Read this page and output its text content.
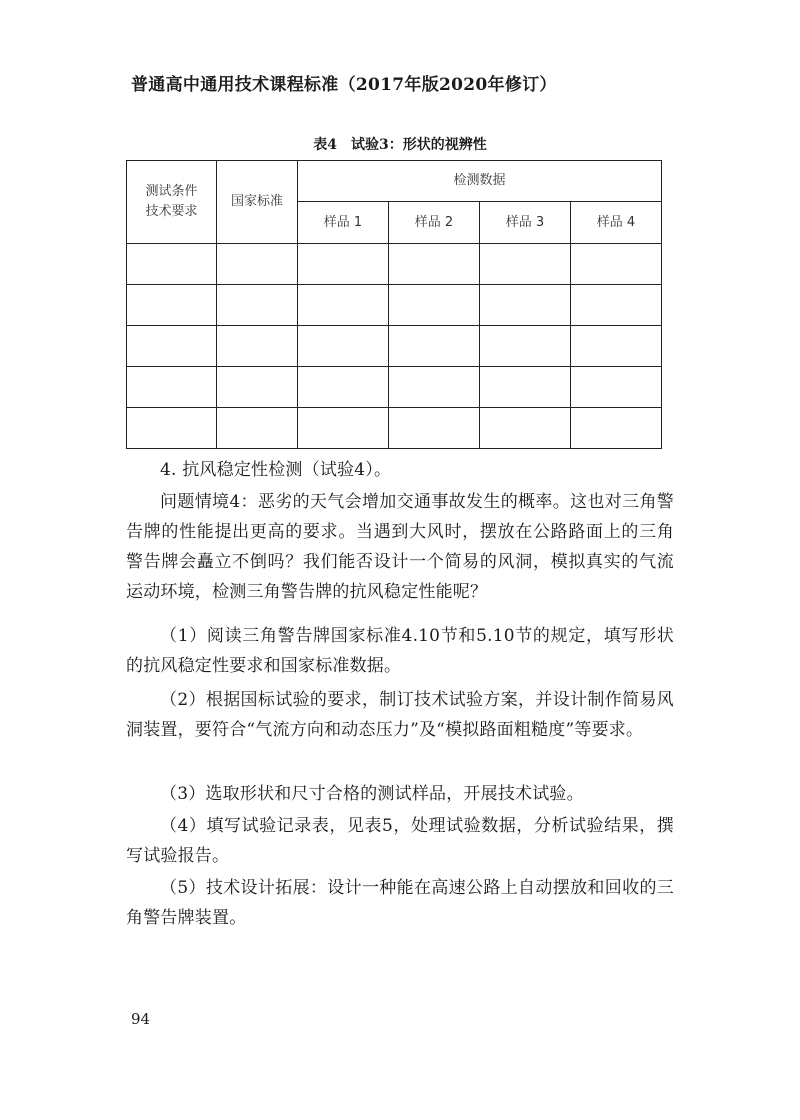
普通高中通用技术课程标准（2017年版2020年修订）
表4　试验3：形状的视辨性
测试条件
技术要求	国家标准	检测数据			
		样品 1	样品 2	样品 3	样品 4

4. 抗风稳定性检测（试验4）。

问题情境4：恶劣的天气会增加交通事故发生的概率。这也对三角警告牌的性能提出更高的要求。当遇到大风时，摆放在公路路面上的三角警告牌会矗立不倒吗？我们能否设计一个简易的风洞，模拟真实的气流运动环境，检测三角警告牌的抗风稳定性能呢？

（1）阅读三角警告牌国家标准4.10节和5.10节的规定，填写形状的抗风稳定性要求和国家标准数据。

（2）根据国标试验的要求，制订技术试验方案，并设计制作简易风洞装置，要符合“气流方向和动态压力”及“模拟路面粗糙度”等要求。

（3）选取形状和尺寸合格的测试样品，开展技术试验。

（4）填写试验记录表，见表5，处理试验数据，分析试验结果，撰写试验报告。

（5）技术设计拓展：设计一种能在高速公路上自动摆放和回收的三角警告牌装置。

94
